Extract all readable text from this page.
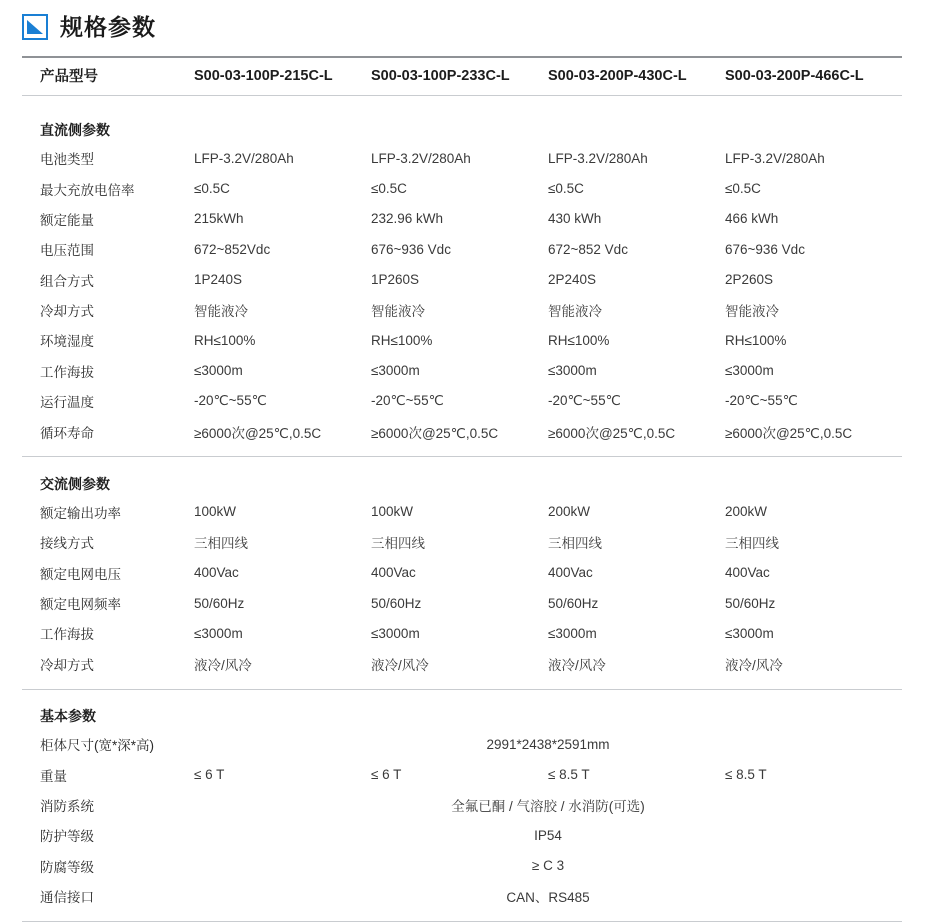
规格参数
产品型号	S00-03-100P-215C-L	S00-03-100P-233C-L	S00-03-200P-430C-L	S00-03-200P-466C-L
直流侧参数				
电池类型	LFP-3.2V/280Ah	LFP-3.2V/280Ah	LFP-3.2V/280Ah	LFP-3.2V/280Ah
最大充放电倍率	≤0.5C	≤0.5C	≤0.5C	≤0.5C
额定能量	215kWh	232.96 kWh	430 kWh	466 kWh
电压范围	672~852Vdc	676~936 Vdc	672~852 Vdc	676~936 Vdc
组合方式	1P240S	1P260S	2P240S	2P260S
冷却方式	智能液冷	智能液冷	智能液冷	智能液冷
环境湿度	RH≤100%	RH≤100%	RH≤100%	RH≤100%
工作海拔	≤3000m	≤3000m	≤3000m	≤3000m
运行温度	-20℃~55℃	-20℃~55℃	-20℃~55℃	-20℃~55℃
循环寿命	≥6000次@25℃,0.5C	≥6000次@25℃,0.5C	≥6000次@25℃,0.5C	≥6000次@25℃,0.5C

交流侧参数				
额定输出功率	100kW	100kW	200kW	200kW
接线方式	三相四线	三相四线	三相四线	三相四线
额定电网电压	400Vac	400Vac	400Vac	400Vac
额定电网频率	50/60Hz	50/60Hz	50/60Hz	50/60Hz
工作海拔	≤3000m	≤3000m	≤3000m	≤3000m
冷却方式	液冷/风冷	液冷/风冷	液冷/风冷	液冷/风冷

基本参数				
柜体尺寸(宽*深*高)	2991*2438*2591mm			
重量	≤ 6 T	≤ 6 T	≤ 8.5 T	≤ 8.5 T
消防系统	全氟已酮 / 气溶胶 / 水消防(可选)			
防护等级	IP54			
防腐等级	≥ C 3			
通信接口	CAN、RS485			
